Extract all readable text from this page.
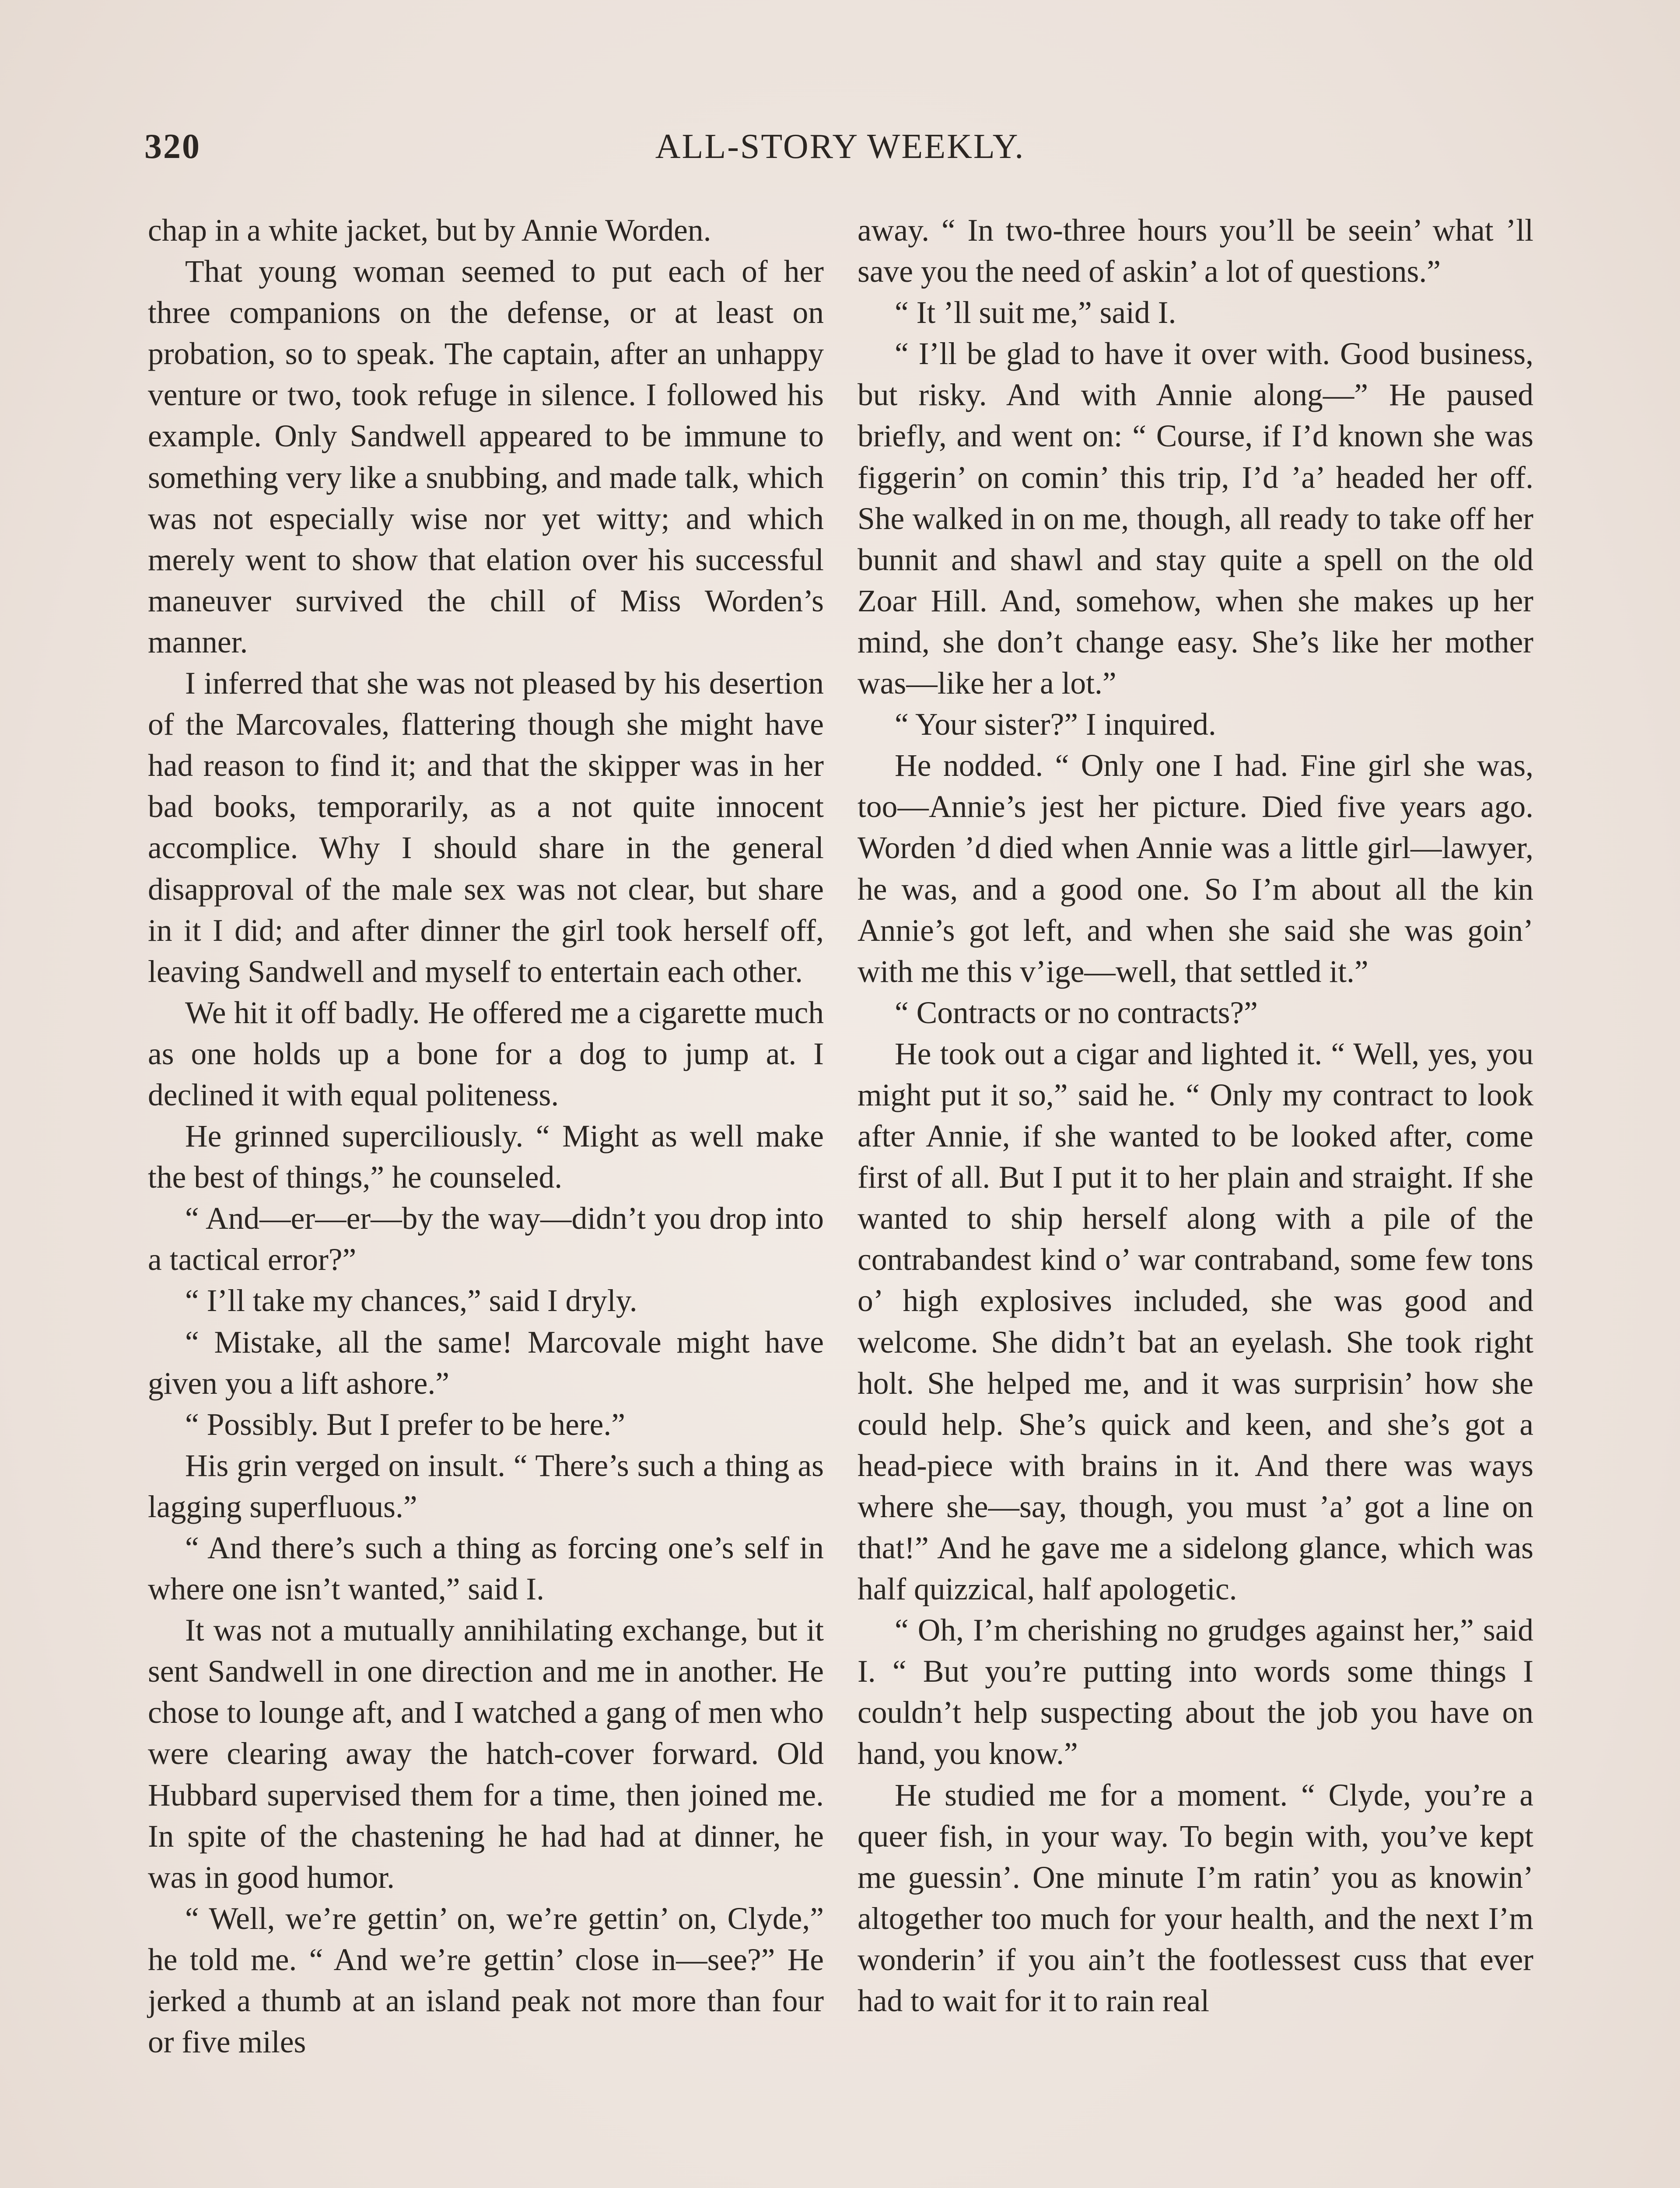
320	ALL-STORY WEEKLY.

chap in a white jacket, but by Annie Worden.

That young woman seemed to put each of her three companions on the defense, or at least on probation, so to speak. The captain, after an unhappy venture or two, took refuge in silence. I followed his example. Only Sandwell appeared to be immune to something very like a snubbing, and made talk, which was not especially wise nor yet witty; and which merely went to show that elation over his successful maneuver survived the chill of Miss Worden’s manner.

I inferred that she was not pleased by his desertion of the Marcovales, flattering though she might have had reason to find it; and that the skipper was in her bad books, temporarily, as a not quite innocent accomplice. Why I should share in the general disapproval of the male sex was not clear, but share in it I did; and after dinner the girl took herself off, leaving Sandwell and myself to entertain each other.

We hit it off badly. He offered me a cigarette much as one holds up a bone for a dog to jump at. I declined it with equal politeness.

He grinned superciliously. “ Might as well make the best of things,” he counseled.

“ And—er—er—by the way—didn’t you drop into a tactical error?”

“ I’ll take my chances,” said I dryly.

“ Mistake, all the same! Marcovale might have given you a lift ashore.”

“ Possibly. But I prefer to be here.”

His grin verged on insult. “ There’s such a thing as lagging superfluous.”

“ And there’s such a thing as forcing one’s self in where one isn’t wanted,” said I.

It was not a mutually annihilating exchange, but it sent Sandwell in one direction and me in another. He chose to lounge aft, and I watched a gang of men who were clearing away the hatch-cover forward. Old Hubbard supervised them for a time, then joined me. In spite of the chastening he had had at dinner, he was in good humor.

“ Well, we’re gettin’ on, we’re gettin’ on, Clyde,” he told me. “ And we’re gettin’ close in—see?” He jerked a thumb at an island peak not more than four or five miles

away. “ In two-three hours you’ll be seein’ what ’ll save you the need of askin’ a lot of questions.”

“ It ’ll suit me,” said I.

“ I’ll be glad to have it over with. Good business, but risky. And with Annie along—” He paused briefly, and went on: “ Course, if I’d known she was figgerin’ on comin’ this trip, I’d ’a’ headed her off. She walked in on me, though, all ready to take off her bunnit and shawl and stay quite a spell on the old Zoar Hill. And, somehow, when she makes up her mind, she don’t change easy. She’s like her mother was—like her a lot.”

“ Your sister?” I inquired.

He nodded. “ Only one I had. Fine girl she was, too—Annie’s jest her picture. Died five years ago. Worden ’d died when Annie was a little girl—lawyer, he was, and a good one. So I’m about all the kin Annie’s got left, and when she said she was goin’ with me this v’ige—well, that settled it.”

“ Contracts or no contracts?”

He took out a cigar and lighted it. “ Well, yes, you might put it so,” said he. “ Only my contract to look after Annie, if she wanted to be looked after, come first of all. But I put it to her plain and straight. If she wanted to ship herself along with a pile of the contrabandest kind o’ war contraband, some few tons o’ high explosives included, she was good and welcome. She didn’t bat an eyelash. She took right holt. She helped me, and it was surprisin’ how she could help. She’s quick and keen, and she’s got a head-piece with brains in it. And there was ways where she—say, though, you must ’a’ got a line on that!” And he gave me a sidelong glance, which was half quizzical, half apologetic.

“ Oh, I’m cherishing no grudges against her,” said I. “ But you’re putting into words some things I couldn’t help suspecting about the job you have on hand, you know.”

He studied me for a moment. “ Clyde, you’re a queer fish, in your way. To begin with, you’ve kept me guessin’. One minute I’m ratin’ you as knowin’ altogether too much for your health, and the next I’m wonderin’ if you ain’t the footlessest cuss that ever had to wait for it to rain real
